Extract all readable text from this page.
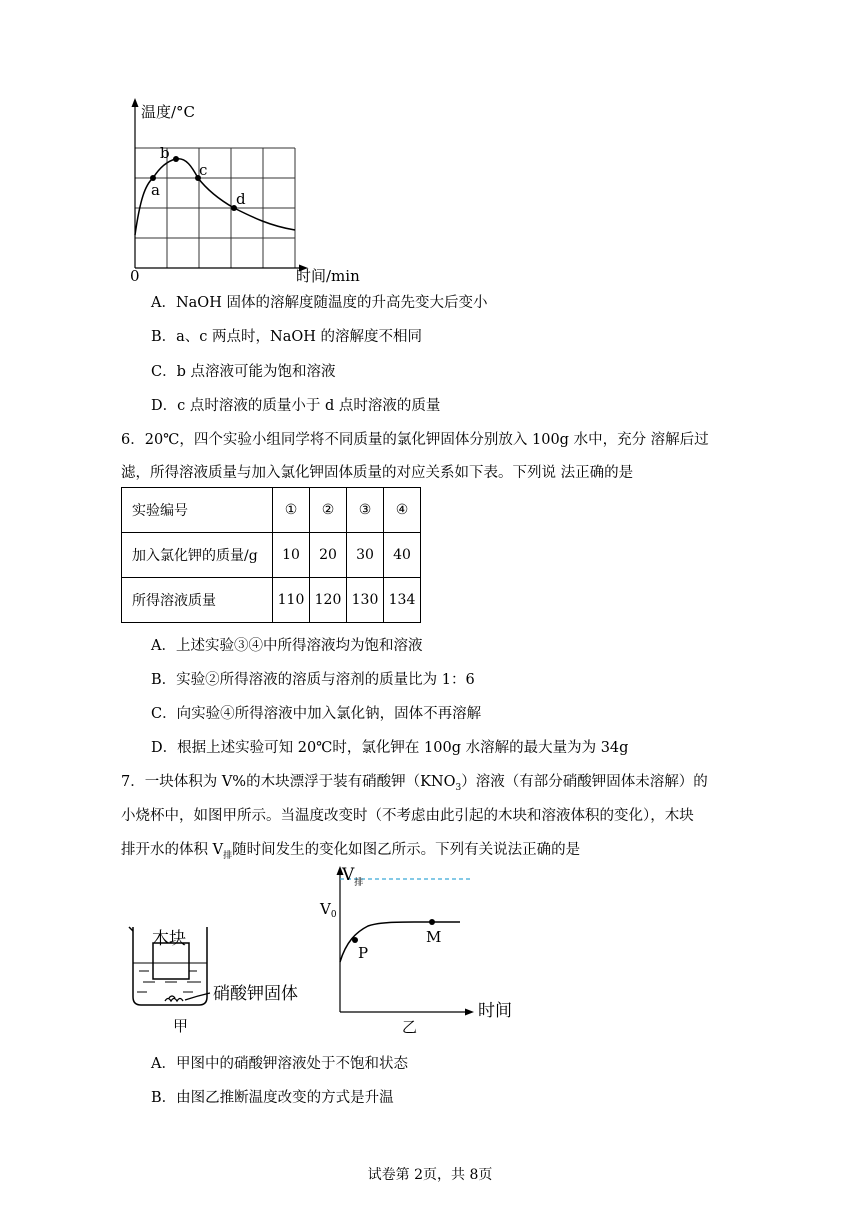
a
b
c
d
温度/°C
时间/min
0
A．NaOH 固体的溶解度随温度的升高先变大后变小
B．a、c 两点时，NaOH 的溶解度不相同
C．b 点溶液可能为饱和溶液
D．c 点时溶液的质量小于 d 点时溶液的质量
6．20℃，四个实验小组同学将不同质量的氯化钾固体分别放入 100g 水中，充分 溶解后过
滤，所得溶液质量与加入氯化钾固体质量的对应关系如下表。下列说 法正确的是
实验编号	①	②	③	④
加入氯化钾的质量/g	10	20	30	40
所得溶液质量	110	120	130	134
A．上述实验③④中所得溶液均为饱和溶液
B．实验②所得溶液的溶质与溶剂的质量比为 1：6
C．向实验④所得溶液中加入氯化钠，固体不再溶解
D．根据上述实验可知 20℃时，氯化钾在 100g 水溶解的最大量为为 34g
7．一块体积为 V%的木块漂浮于装有硝酸钾$(KNO_3)$溶液（有部分硝酸钾固体未溶解）的
小烧杯中，如图甲所示。当温度改变时（不考虑由此引起的木块和溶液体积的变化），木块
排开水的体积 $V_排$随时间发生的变化如图乙所示。下列有关说法正确的是
木块
硝酸钾固体
甲
P
M
$V_排$
$V_0$
时间
乙
A．甲图中的硝酸钾溶液处于不饱和状态
B．由图乙推断温度改变的方式是升温
试卷第 2页，共 8页
